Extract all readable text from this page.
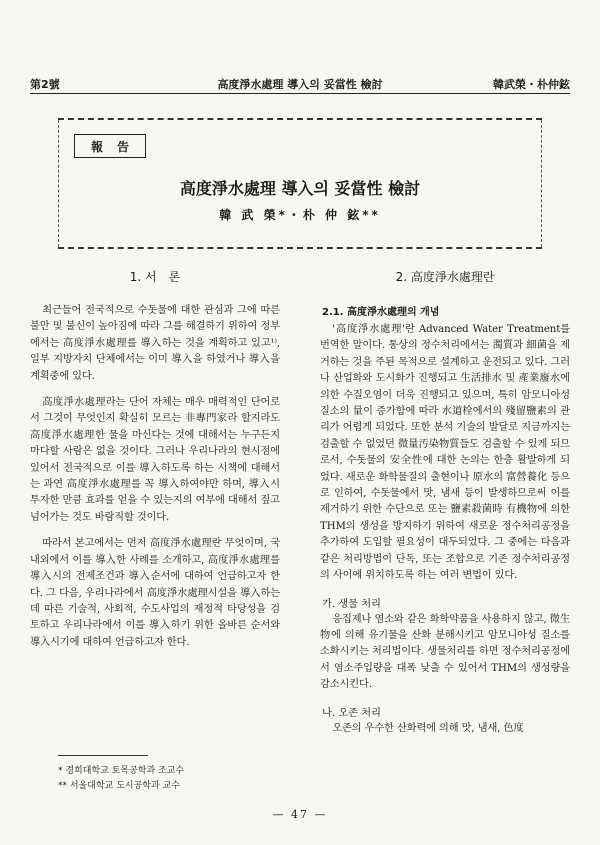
第2號	高度淨水處理 導入의 妥當性 檢討	韓武榮・朴仲鉉
報告
高度淨水處理 導入의 妥當性 檢討
韓 武 榮*・朴 仲 鉉**
1. 서　론

최근들어 전국적으로 수돗물에 대한 관심과 그에 따른 불만 및 불신이 높아짐에 따라 그를 해결하기 위하여 정부에서는 高度淨水處理를 導入하는 것을 계획하고 있고¹⁾, 일부 지방자치 단체에서는 이미 導入을 하였거나 導入을 계획중에 있다.

高度淨水處理라는 단어 자체는 매우 매력적인 단어로서 그것이 무엇인지 확실히 모르는 非專門家라 할지라도 高度淨水處理한 물을 마신다는 것에 대해서는 누구든지 마다할 사람은 없을 것이다. 그러나 우리나라의 현시점에 있어서 전국적으로 이를 導入하도록 하는 시책에 대해서는 과연 高度淨水處理를 꼭 導入하여야만 하며, 導入시 투자한 만큼 효과를 얻을 수 있는지의 여부에 대해서 짚고 넘어가는 것도 바람직할 것이다.

따라서 본고에서는 먼저 高度淨水處理란 무엇이며, 국내외에서 이를 導入한 사례를 소개하고, 高度淨水處理를 導入시의 전제조건과 導入순서에 대하여 언급하고자 한다. 그 다음, 우리나라에서 高度淨水處理시설을 導入하는데 따른 기술적, 사회적, 수도사업의 재정적 타당성을 검토하고 우리나라에서 이를 導入하기 위한 올바른 순서와 導入시기에 대하여 언급하고자 한다.

2. 高度淨水處理란
2.1. 高度淨水處理의 개념

'高度淨水處理'란 Advanced Water Treatment를 번역한 말이다. 통상의 정수처리에서는 濁質과 細菌을 제거하는 것을 주된 목적으로 설계하고 운전되고 있다. 그러나 산업화와 도시화가 진행되고 生活排水 및 產業廢水에 의한 수질오염이 더욱 진행되고 있으며, 특히 암모니아성 질소의 量이 증가함에 따라 水道栓에서의 殘留鹽素의 관리가 어렵게 되었다. 또한 분석 기술의 발달로 지금까지는 검출할 수 없었던 微量汚染物質들도 검출할 수 있게 되므로서, 수돗물의 安全性에 대한 논의는 한층 활발하게 되었다. 새로운 화학물질의 출현이나 原水의 富營養化 등으로 인하여, 수돗물에서 맛, 냄새 등이 발생하므로써 이를 제거하기 위한 수단으로 또는 鹽素殺菌時 有機物에 의한 THM의 생성을 방지하기 위하여 새로운 정수처리공정을 추가하여 도입할 필요성이 대두되었다. 그 중에는 다음과 같은 처리방법이 단독, 또는 조합으로 기존 정수처리공정의 사이에 위치하도록 하는 여러 변법이 있다.

가. 생물 처리

응집제나 염소와 같은 화학약품을 사용하지 않고, 微生物에 의해 유기물을 산화 분해시키고 암모니아성 질소를 소화시키는 처리법이다. 생물처리를 하면 정수처리공정에서 염소주입량을 대폭 낮출 수 있어서 THM의 생성량을 감소시킨다.

나. 오존 처리

오존의 우수한 산화력에 의해 맛, 냄새, 色度

* 경희대학교 토목공학과 조교수
** 서울대학교 도시공학과 교수
— 47 —
